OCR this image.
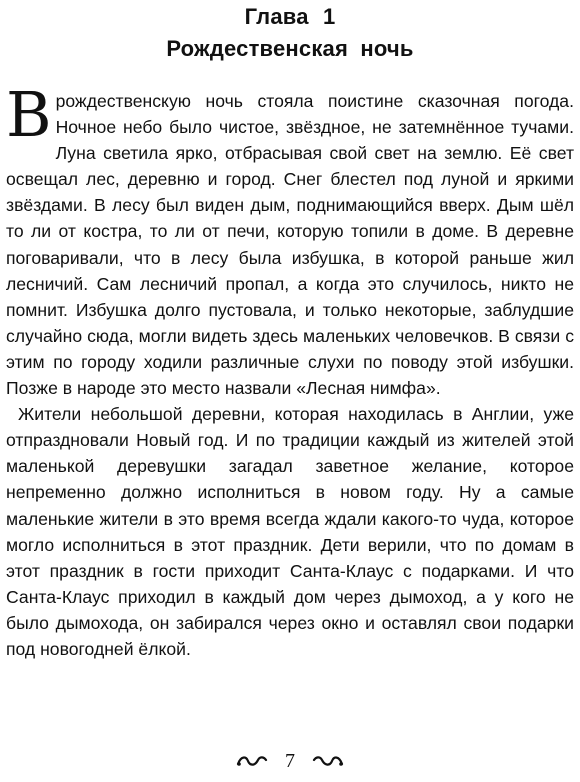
Глава 1
Рождественская ночь

Врождественскую ночь стояла поистине сказочная погода. Ночное небо было чистое, звёздное, не затемнённое тучами. Луна светила ярко, отбрасывая свой свет на землю. Её свет освещал лес, деревню и город. Снег блестел под луной и яркими звёздами. В лесу был виден дым, поднимающийся вверх. Дым шёл то ли от костра, то ли от печи, которую топили в доме. В деревне поговаривали, что в лесу была избушка, в которой раньше жил лесничий. Сам лесничий пропал, а когда это случилось, никто не помнит. Избушка долго пустовала, и только некоторые, заблудшие случайно сюда, могли видеть здесь маленьких человечков. В связи с этим по городу ходили различные слухи по поводу этой избушки. Позже в народе это место назвали «Лесная нимфа».

Жители небольшой деревни, которая находилась в Англии, уже отпраздновали Новый год. И по традиции каждый из жителей этой маленькой деревушки загадал заветное желание, которое непременно должно исполниться в новом году. Ну а самые маленькие жители в это время всегда ждали какого-то чуда, которое могло исполниться в этот праздник. Дети верили, что по домам в этот праздник в гости приходит Санта-Клаус с подарками. И что Санта-Клаус приходил в каждый дом через дымоход, а у кого не было дымохода, он забирался через окно и оставлял свои подарки под новогодней ёлкой.

7
